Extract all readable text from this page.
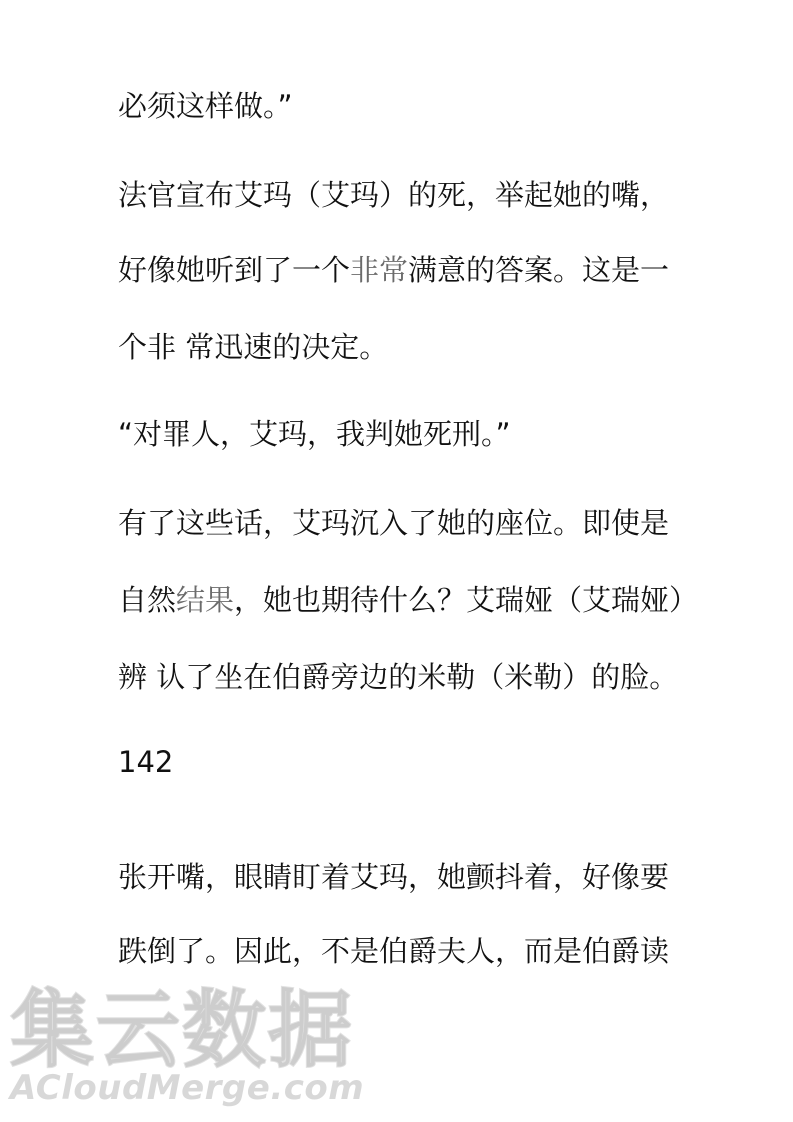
必须这样做。”
法官宣布艾玛（艾玛）的死，举起她的嘴，
好像她听到了一个非常满意的答案。这是一
个非 常迅速的决定。
“对罪人，艾玛，我判她死刑。”
有了这些话，艾玛沉入了她的座位。即使是
自然结果，她也期待什么？艾瑞娅（艾瑞娅）
辨 认了坐在伯爵旁边的米勒（米勒）的脸。
142
张开嘴，眼睛盯着艾玛，她颤抖着，好像要
跌倒了。因此，不是伯爵夫人，而是伯爵读
集云数据
ACloudMerge.com
